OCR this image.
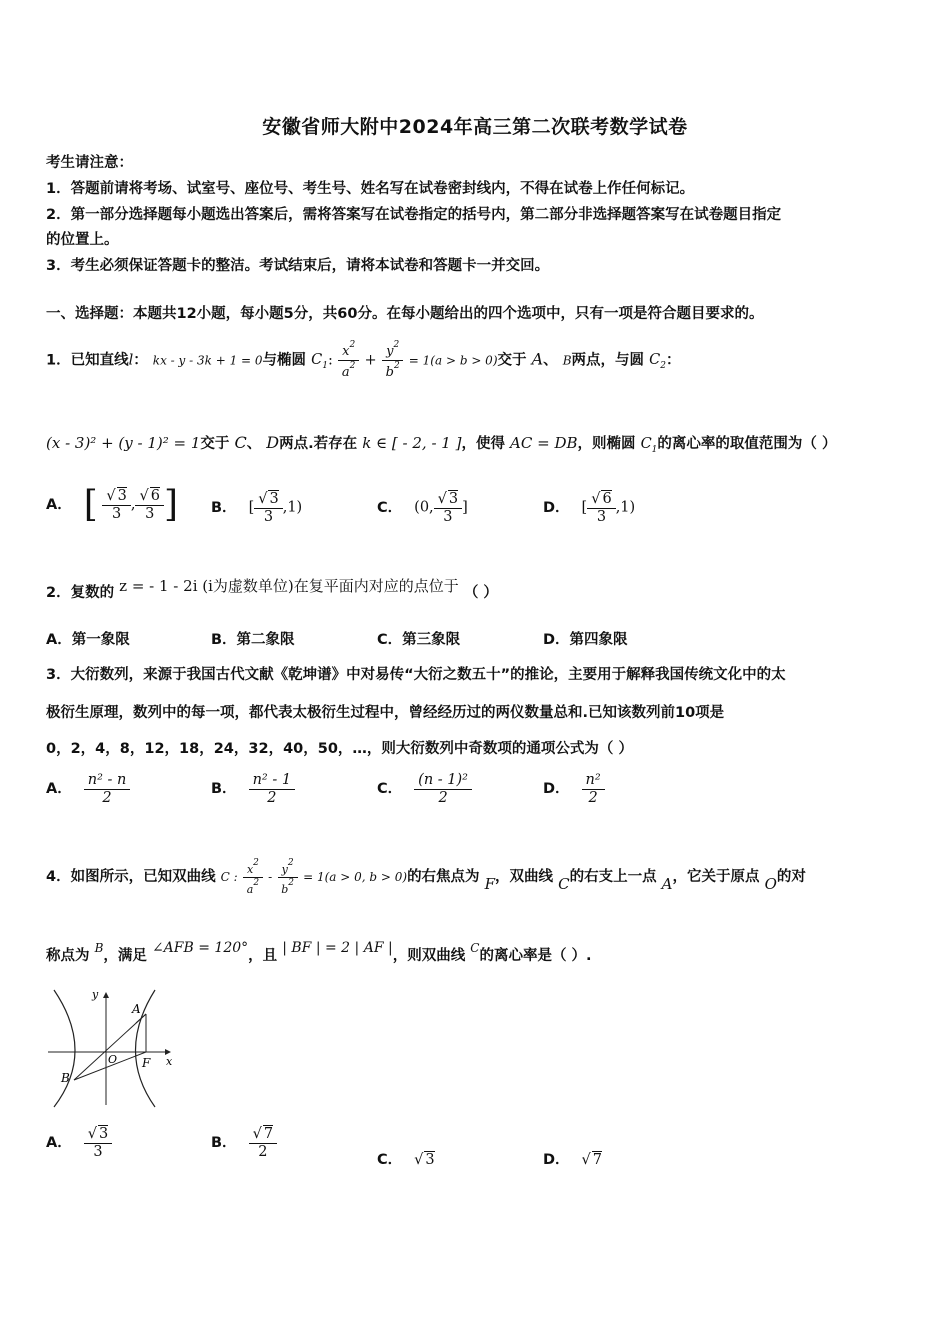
安徽省师大附中2024年高三第二次联考数学试卷
考生请注意：
1．答题前请将考场、试室号、座位号、考生号、姓名写在试卷密封线内，不得在试卷上作任何标记。
2．第一部分选择题每小题选出答案后，需将答案写在试卷指定的括号内，第二部分非选择题答案写在试卷题目指定
的位置上。
3．考生必须保证答题卡的整洁。考试结束后，请将本试卷和答题卡一并交回。
一、选择题：本题共12小题，每小题5分，共60分。在每小题给出的四个选项中，只有一项是符合题目要求的。
1．已知直线l： kx - y - 3k + 1 = 0与椭圆 $C_1$: $\frac{x^2}{a^2} + \frac{y^2}{b^2} = 1(a > b > 0)$交于 A、 B两点，与圆 $C_2$：
(x - 3)² + (y - 1)² = 1交于 C、 D两点.若存在 k ∈ [ - 2, - 1 ]，使得 AC = DB，则椭圆 $C_1$的离心率的取值范围为（ ）
A． [ $\frac{√ 3}{3}$ , $\frac{√ 6}{3}$ ] B． [ $\frac{√ 3}{3} ,1$)	C． (0, $\frac{√ 3}{3}$ ]	D． [ $\frac{√ 6}{3} ,1$)
2．复数的 z = - 1 - 2i (i为虚数单位)在复平面内对应的点位于 （ ）
A．第一象限	B．第二象限	C．第三象限	D．第四象限
3．大衍数列，来源于我国古代文献《乾坤谱》中对易传“大衍之数五十”的推论，主要用于解释我国传统文化中的太
极衍生原理，数列中的每一项，都代表太极衍生过程中，曾经经历过的两仪数量总和.已知该数列前10项是
0，2，4，8，12，18，24，32，40，50，…，则大衍数列中奇数项的通项公式为（ ）
A． $\frac{\text{n² - n}}{2}$	B． $\frac{\text{n² - 1}}{2}$	C． $\frac{\text{(n - 1)²}}{2}$	D． $\frac{\text{n²}}{2}$
4．如图所示，已知双曲线 C : $\frac{x^2}{a^2} - \frac{y^2}{b^2} = 1(a > 0$, b > 0)的右焦点为 F，双曲线 C的右支上一点 A，它关于原点 O的对
称点为 $^B$，满足 ∠AFB = 120°，且 | BF | = 2 | AF |，则双曲线 $^C$的离心率是（ ）.
y
x
A
B
O F
A． $\frac{√ 3}{3}$	B． $\frac{√ 7}{2}$	C． √ 3	D． √ 7
